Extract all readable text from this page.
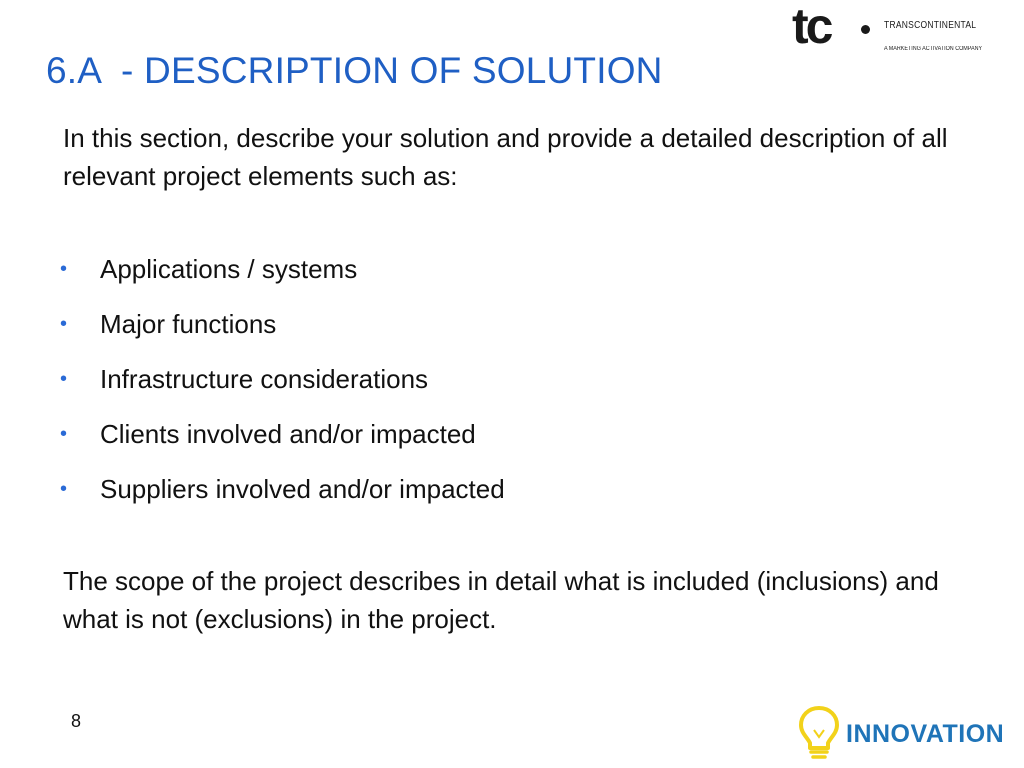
tc	TRANSCONTINENTAL
A MARKETING ACTIVATION COMPANY
6.A  - DESCRIPTION OF SOLUTION
In this section, describe your solution and provide a detailed description of all relevant project elements such as:
• Applications / systems
• Major functions
• Infrastructure considerations
• Clients involved and/or impacted
• Suppliers involved and/or impacted
The scope of the project describes in detail what is included (inclusions) and what is not (exclusions) in the project.
8	INNOVATION
